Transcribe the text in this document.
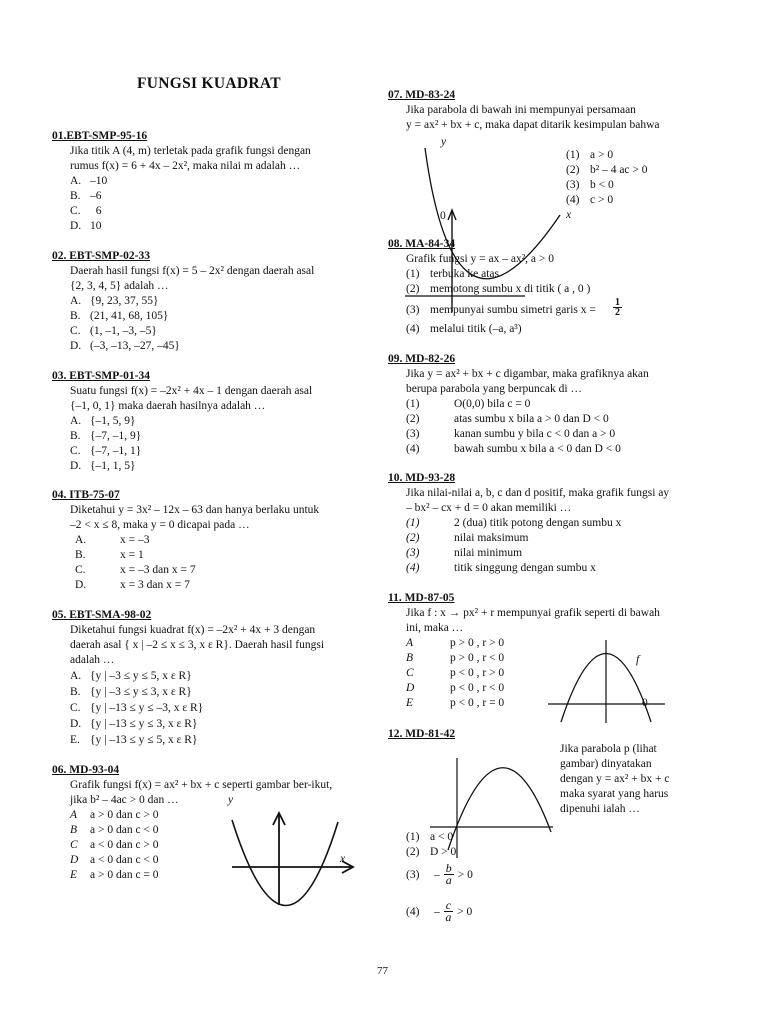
FUNGSI KUADRAT
01.EBT-SMP-95-16
Jika titik A (4, m) terletak pada grafik fungsi dengan
rumus f(x) = 6 + 4x – 2x², maka nilai m adalah …
A. –10
B. –6
C.  6
D. 10
02. EBT-SMP-02-33
Daerah hasil fungsi f(x) = 5 – 2x² dengan daerah asal
{2, 3, 4, 5} adalah …
A. {9, 23, 37, 55}
B. (21, 41, 68, 105}
C. (1, –1, –3, –5}
D. (–3, –13, –27, –45}
03. EBT-SMP-01-34
Suatu fungsi f(x) = –2x² + 4x – 1 dengan daerah asal
{–1, 0, 1} maka daerah hasilnya adalah …
A. {–1, 5, 9}
B. {–7, –1, 9}
C. {–7, –1, 1}
D. {–1, 1, 5}
04. ITB-75-07
Diketahui y = 3x² – 12x – 63 dan hanya berlaku untuk
–2 < x ≤ 8, maka y = 0 dicapai pada …
A.	x = –3
B.	x = 1
C.	x = –3 dan x = 7
D.	x = 3 dan x = 7
05. EBT-SMA-98-02
Diketahui fungsi kuadrat f(x) = –2x² + 4x + 3 dengan
daerah asal { x | –2 ≤ x ≤ 3, x ε R}. Daerah hasil fungsi
adalah …
A. {y | –3 ≤ y ≤ 5, x ε R}
B. {y | –3 ≤ y ≤ 3, x ε R}
C. {y | –13 ≤ y ≤ –3, x ε R}
D. {y | –13 ≤ y ≤ 3, x ε R}
E. {y | –13 ≤ y ≤ 5, x ε R}
06. MD-93-04
Grafik fungsi f(x) = ax² + bx + c seperti gambar ber-ikut,
jika b² – 4ac > 0 dan …	y
A a > 0 dan c > 0
B a > 0 dan c < 0
C a < 0 dan c > 0
D a < 0 dan c < 0
E a > 0 dan c = 0
x
07. MD-83-24
Jika parabola di bawah ini mempunyai persamaan
y = ax² + bx + c, maka dapat ditarik kesimpulan bahwa
y
(1) a > 0
(2) b² – 4 ac > 0
(3) b < 0
(4) c > 0
x
0
08. MA-84-34
Grafik fungsi y = ax – ax², a > 0
(1) terbuka ke atas
(2) memotong sumbu x di titik ( a , 0 )
(3) mempunyai sumbu simetri garis $x = \frac{1}{2}$
(4) melalui titik (–a, a³)
09. MD-82-26
Jika y = ax² + bx + c digambar, maka grafiknya akan
berupa parabola yang berpuncak di …
(1)	O(0,0) bila c = 0
(2)	atas sumbu x bila a > 0 dan D < 0
(3)	kanan sumbu y bila c < 0 dan a > 0
(4)	bawah sumbu x bila a < 0 dan D < 0
10. MD-93-28
Jika nilai-nilai a, b, c dan d positif, maka grafik fungsi ay
– bx² – cx + d = 0 akan memiliki …
(1)	2 (dua) titik potong dengan sumbu x
(2)	nilai maksimum
(3)	nilai minimum
(4)	titik singgung dengan sumbu x
11. MD-87-05
Jika f : x → px² + r mempunyai grafik seperti di bawah
ini, maka …
A	p > 0 , r > 0
B	p > 0 , r < 0
C	p < 0 , r > 0
D	p < 0 , r < 0
E	p < 0 , r = 0
f
0
12. MD-81-42
Jika parabola p (lihat
gambar) dinyatakan
dengan y = ax² + bx + c
maka syarat yang harus
dipenuhi ialah …
(1) a < 0
(2) D > 0
(3)	– $\frac{b}{a} > 0$
(4)	– $\frac{c}{a} > 0$
77
